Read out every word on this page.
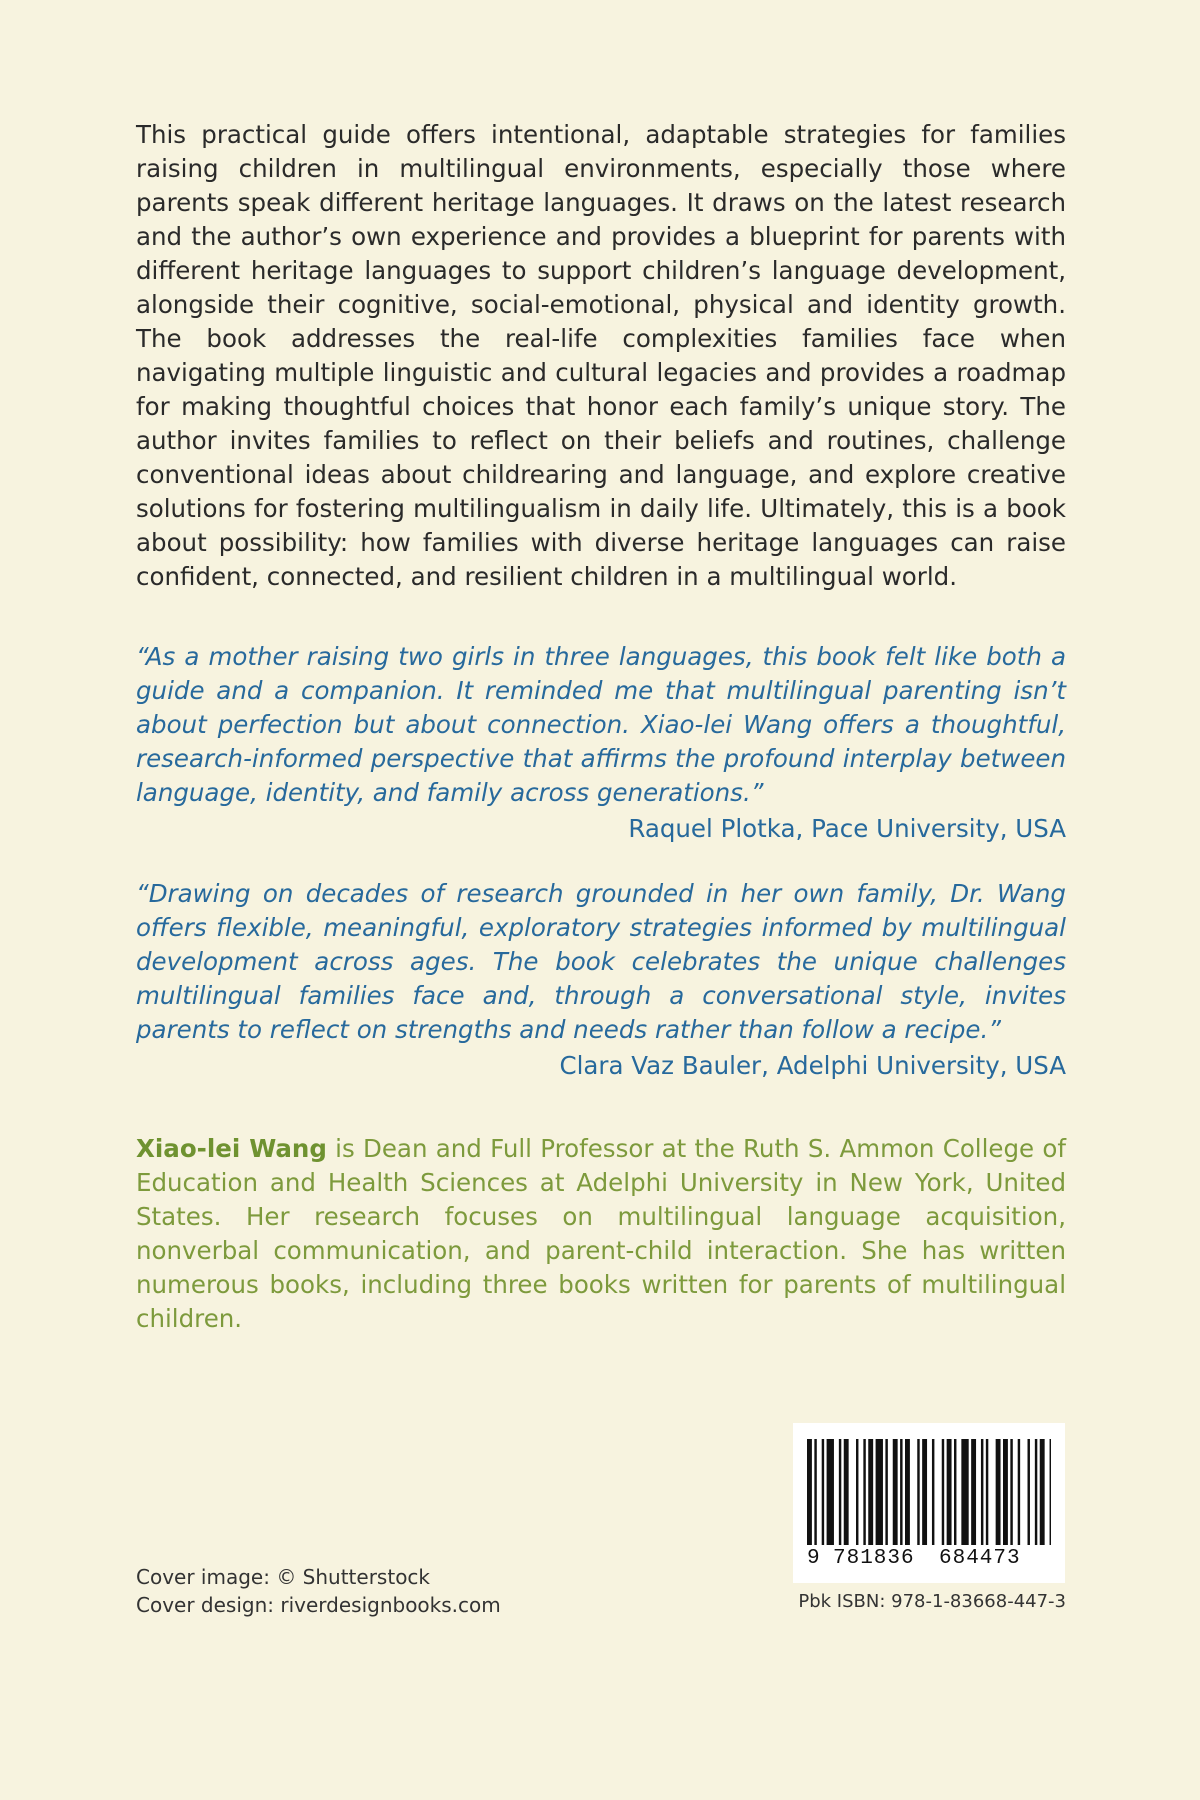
This practical guide offers intentional, adaptable strategies for families raising children in multilingual environments, especially those where parents speak different heritage languages. It draws on the latest research and the author’s own experience and provides a blueprint for parents with different heritage languages to support children’s language development, alongside their cognitive, social-emotional, physical and identity growth. The book addresses the real-life complexities families face when navigating multiple linguistic and cultural legacies and provides a roadmap for making thoughtful choices that honor each family’s unique story. The author invites families to reflect on their beliefs and routines, challenge conventional ideas about childrearing and language, and explore creative solutions for fostering multilingualism in daily life. Ultimately, this is a book about possibility: how families with diverse heritage languages can raise confident, connected, and resilient children in a multilingual world.

“As a mother raising two girls in three languages, this book felt like both a guide and a companion. It reminded me that multilingual parenting isn’t about perfection but about connection. Xiao-lei Wang offers a thoughtful, research-informed perspective that affirms the profound interplay between language, identity, and family across generations.”
Raquel Plotka, Pace University, USA
“Drawing on decades of research grounded in her own family, Dr. Wang offers flexible, meaningful, exploratory strategies informed by multilingual development across ages. The book celebrates the unique challenges multilingual families face and, through a conversational style, invites parents to reflect on strengths and needs rather than follow a recipe.”
Clara Vaz Bauler, Adelphi University, USA

Xiao-lei Wang is Dean and Full Professor at the Ruth S. Ammon College of Education and Health Sciences at Adelphi University in New York, United States. Her research focuses on multilingual language acquisition, nonverbal communication, and parent-child interaction. She has written numerous books, including three books written for parents of multilingual children.

Cover image: © Shutterstock
Cover design: riverdesignbooks.com
9 781836 684473
Pbk ISBN: 978-1-83668-447-3
